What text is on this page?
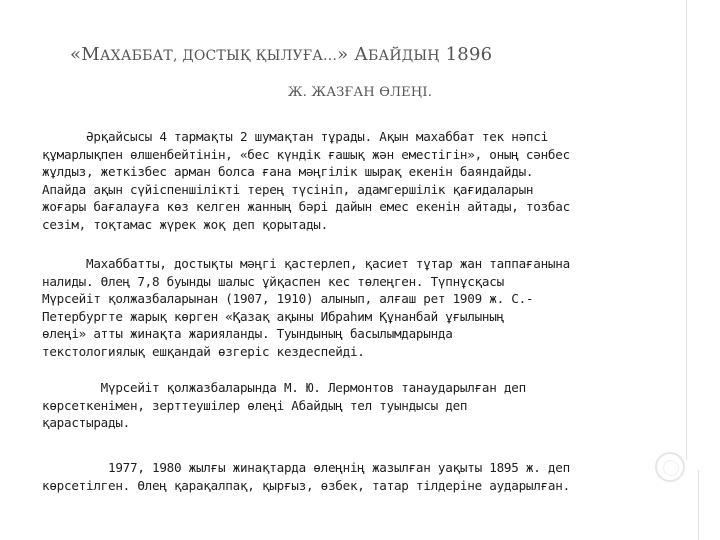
«МАХАББАТ, ДОСТЫҚ ҚЫЛУҒА...» АБАЙДЫҢ 1896
Ж. ЖАЗҒАН ӨЛЕҢІ.
Әрқайсысы 4 тармақты 2 шумақтан тұрады. Ақын махаббат тек нәпсі
құмарлықпен өлшенбейтінін, «бес күндік ғашық жән еместігін», оның сәнбес
жұлдыз, жеткізбес арман болса ғана мәңгілік шырақ екенін баяндайды.
Апайда ақын сүйіспеншілікті терең түсініп, адамгершілік қағидаларын
жоғары бағалауға көз келген жанның бәрі дайын емес екенін айтады, тозбас
сезім, тоқтамас жүрек жоқ деп қорытады.
Махаббатты, достықты мәңгі қастерлеп, қасиет тұтар жан таппағанына
налиды. Өлең 7,8 буынды шалыс ұйқаспен кес төлеңген. Түпнұсқасы
Мүрсейіт қолжазбаларынан (1907, 1910) алынып, алғаш рет 1909 ж. С.-
Петербургте жарық көрген «Қазақ ақыны Ибраһим Құнанбай ұғылының
өлеңі» атты жинақта жарияланды. Туындының басылымдарында
текстологиялық ешқандай өзгеріс кездеспейді.
Мүрсейіт қолжазбаларында М. Ю. Лермонтов танаударылған деп
көрсеткенімен, зерттеушілер өлеңі Абайдың тел туындысы деп
қарастырады.
1977, 1980 жылғы жинақтарда өлеңнің жазылған уақыты 1895 ж. деп
көрсетілген. Өлең қарақалпақ, қырғыз, өзбек, татар тілдеріне аударылған.
